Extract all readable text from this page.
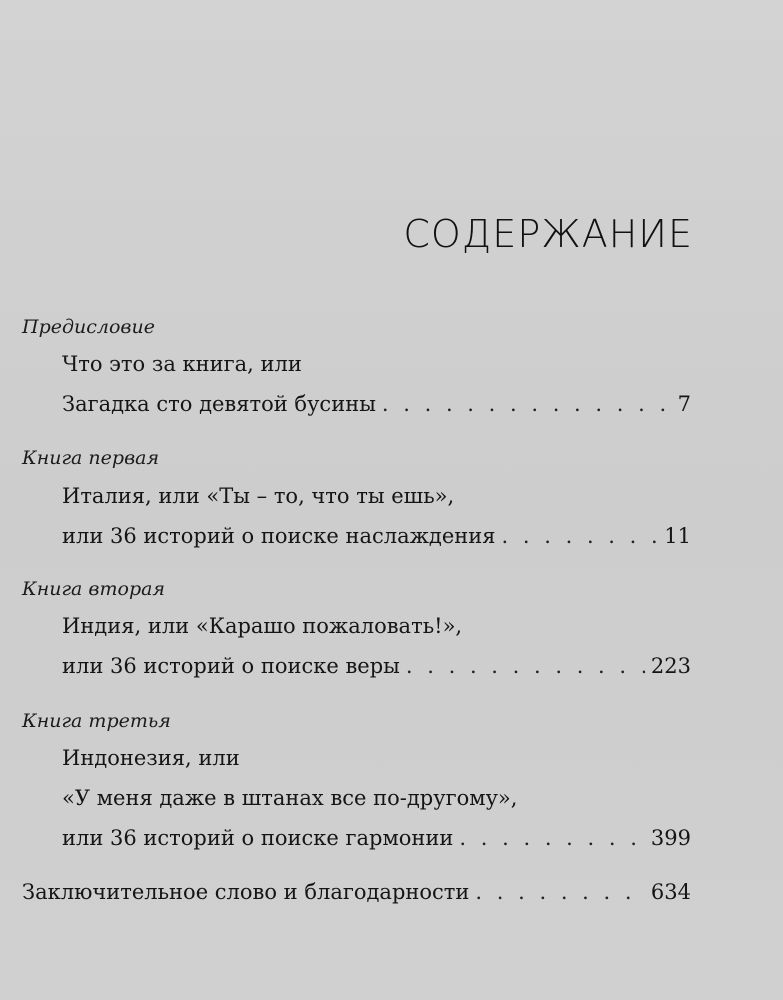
СОДЕРЖАНИЕ
Предисловие
Что это за книга, или
Загадка сто девятой бусины . . .	7
Книга первая
Италия, или «Ты – то, что ты ешь»,
или 36 историй о поиске наслаждения . . .	11
Книга вторая
Индия, или «Карашо пожаловать!»,
или 36 историй о поиске веры . . .	223
Книга третья
Индонезия, или
«У меня даже в штанах все по-другому»,
или 36 историй о поиске гармонии . . .	399
Заключительное слово и благодарности . . .	634
